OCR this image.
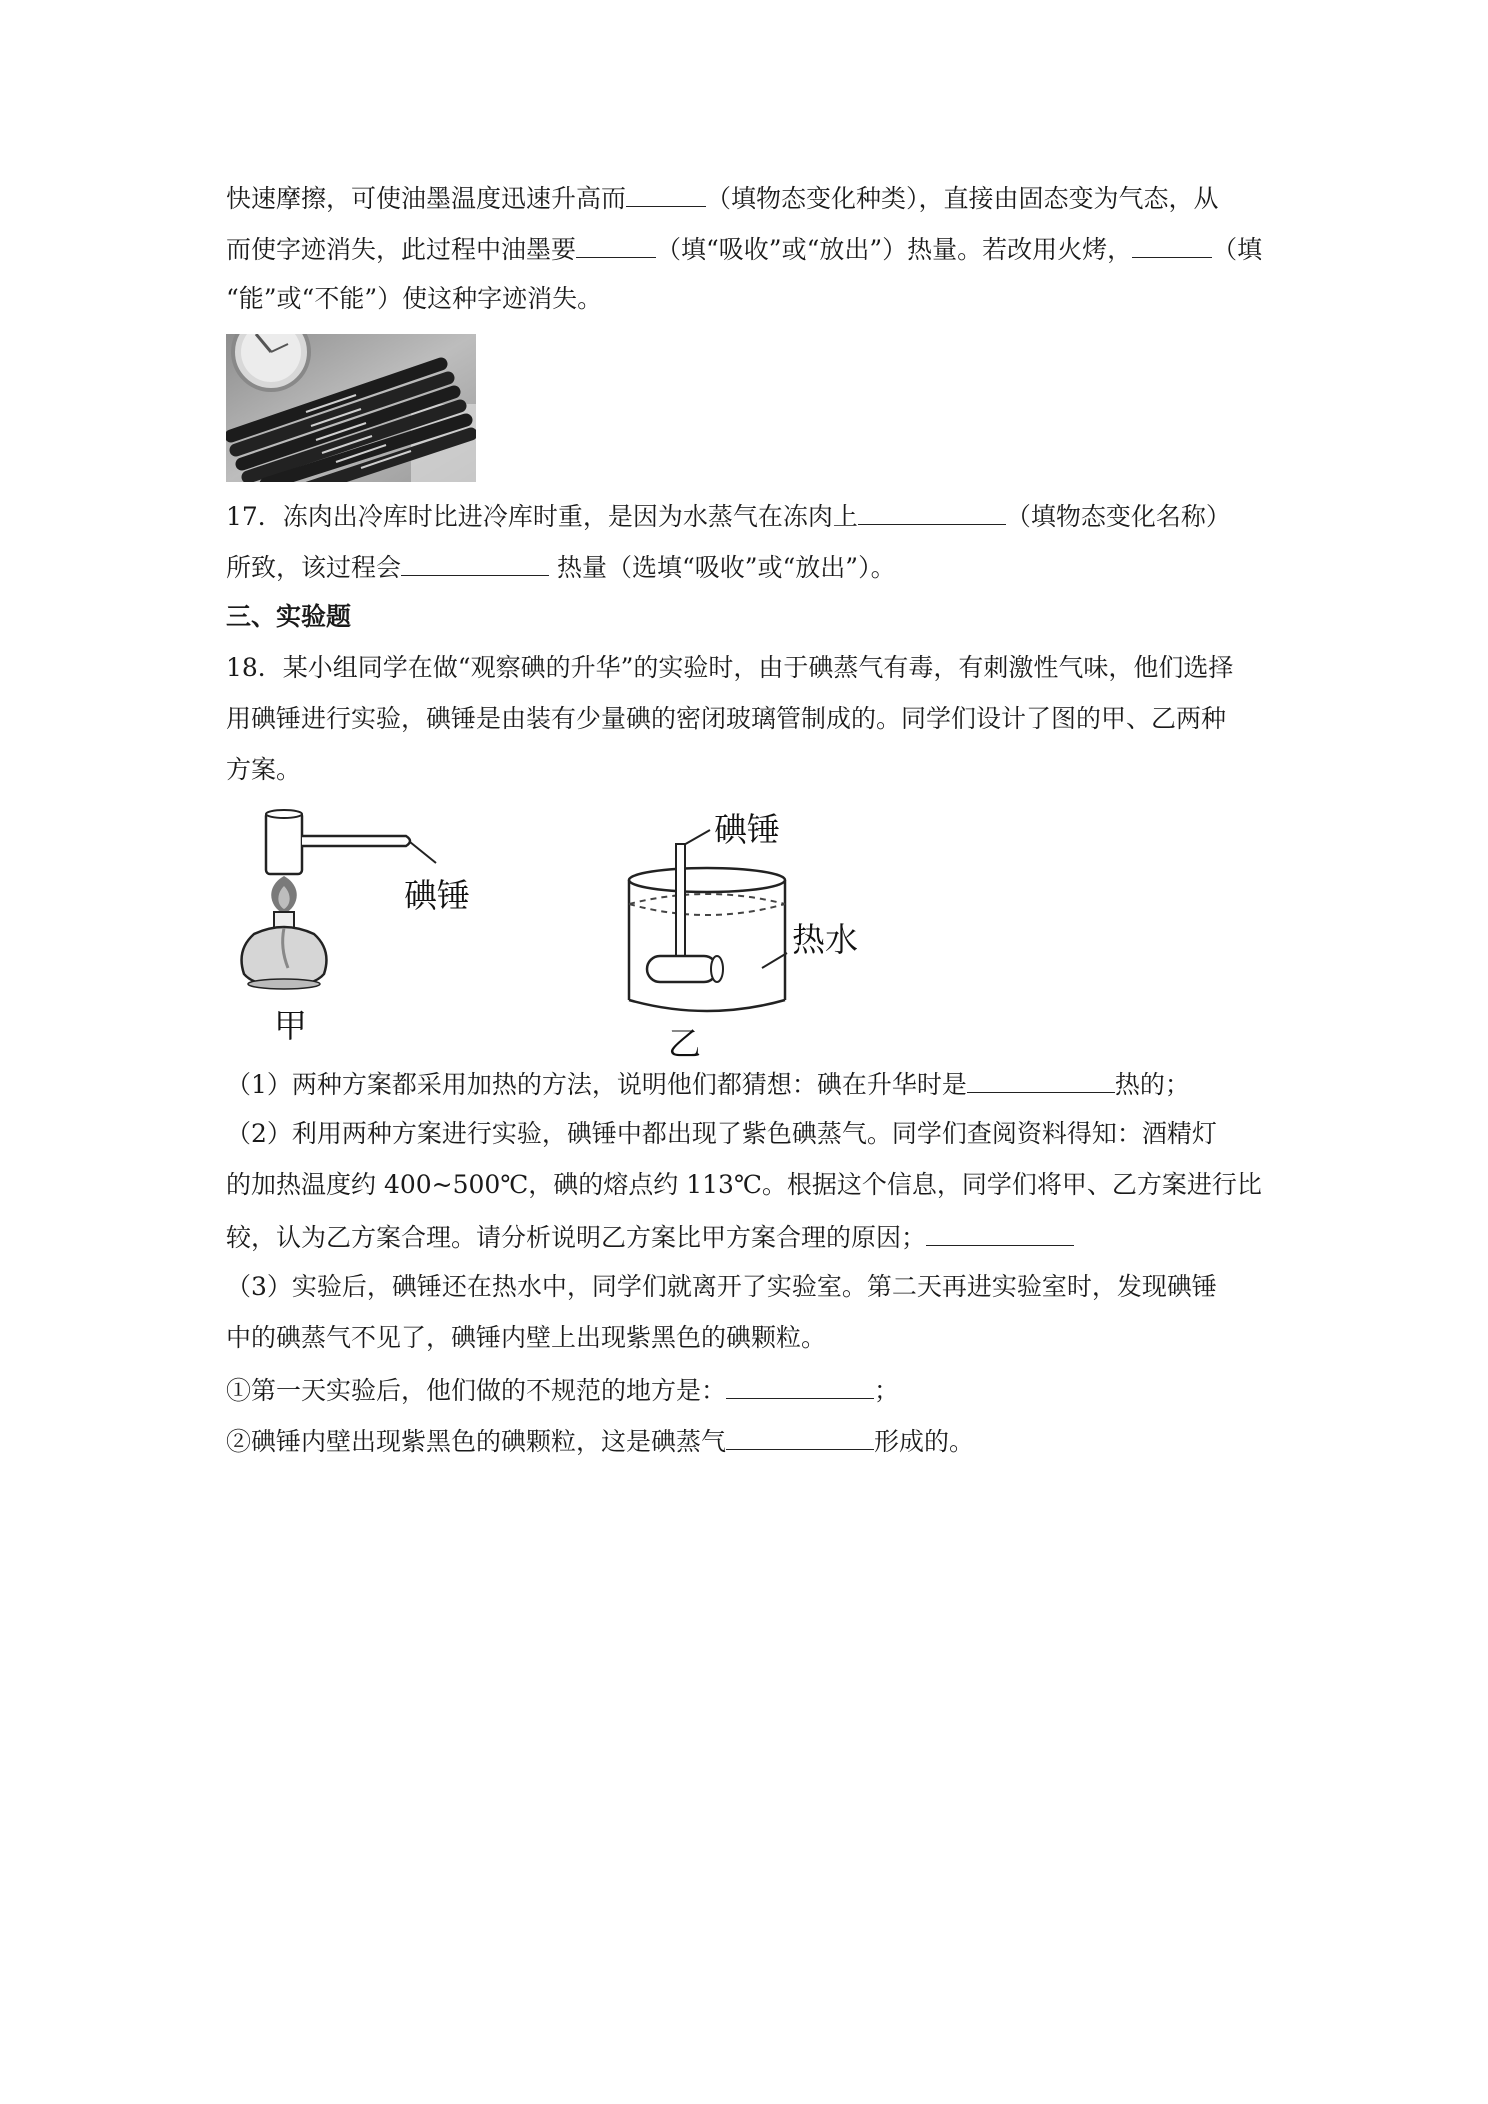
快速摩擦，可使油墨温度迅速升高而	（填物态变化种类），直接由固态变为气态，从
而使字迹消失，此过程中油墨要	（填“吸收”或“放出”）热量。若改用火烤，	（填
“能”或“不能”）使这种字迹消失。
17．冻肉出冷库时比进冷库时重，是因为水蒸气在冻肉上	（填物态变化名称）
所致，该过程会	热量（选填“吸收”或“放出”）。
三、实验题
18．某小组同学在做“观察碘的升华”的实验时，由于碘蒸气有毒，有刺激性气味，他们选择
用碘锤进行实验，碘锤是由装有少量碘的密闭玻璃管制成的。同学们设计了图的甲、乙两种
方案。
碘锤
甲
碘锤
热水
乙
（1）两种方案都采用加热的方法，说明他们都猜想：碘在升华时是	热的；
（2）利用两种方案进行实验，碘锤中都出现了紫色碘蒸气。同学们查阅资料得知：酒精灯
的加热温度约 400~500℃，碘的熔点约 113℃。根据这个信息，同学们将甲、乙方案进行比
较，认为乙方案合理。请分析说明乙方案比甲方案合理的原因；
（3）实验后，碘锤还在热水中，同学们就离开了实验室。第二天再进实验室时，发现碘锤
中的碘蒸气不见了，碘锤内壁上出现紫黑色的碘颗粒。
①第一天实验后，他们做的不规范的地方是：	；
②碘锤内壁出现紫黑色的碘颗粒，这是碘蒸气	形成的。
